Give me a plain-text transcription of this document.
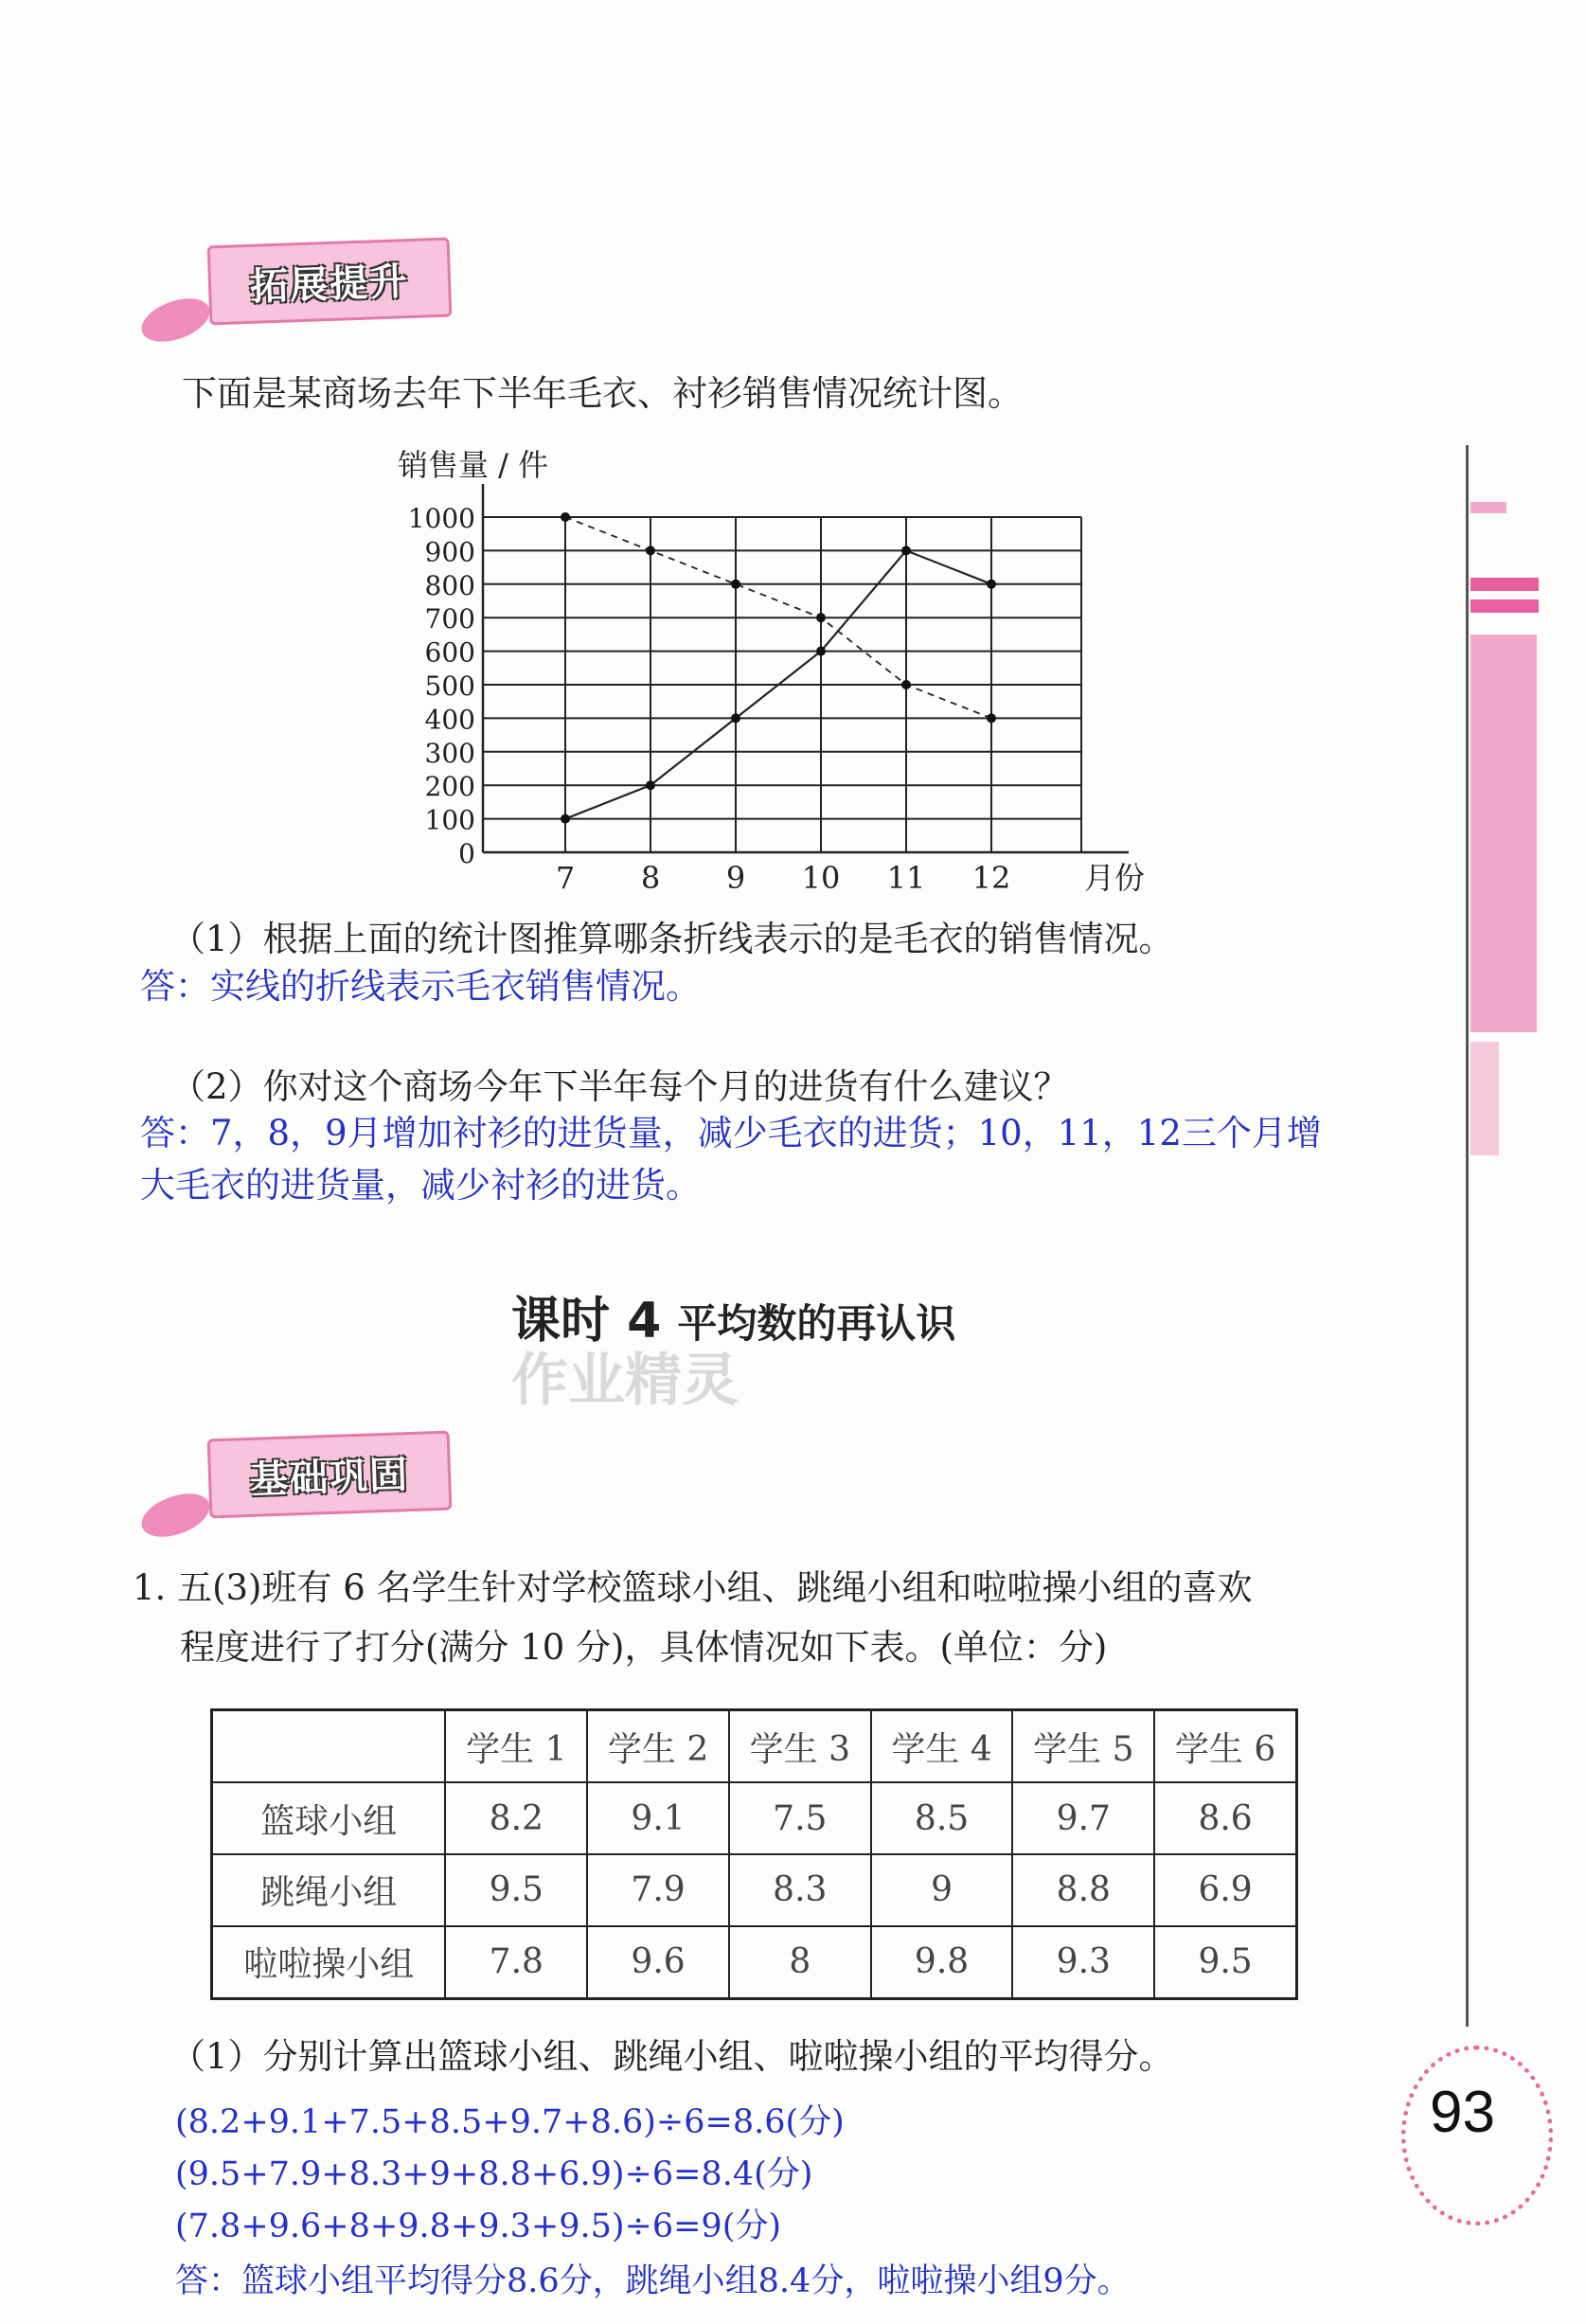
拓展提升
下面是某商场去年下半年毛衣、衬衫销售情况统计图。
销售量 / 件
月份
0
100
200
300
400
500
600
700
800
900
1000
7 8 9 10 11 12
（1）根据上面的统计图推算哪条折线表示的是毛衣的销售情况。
答：实线的折线表示毛衣销售情况。
（2）你对这个商场今年下半年每个月的进货有什么建议？
答：7，8，9月增加衬衫的进货量，减少毛衣的进货；10，11，12三个月增
大毛衣的进货量，减少衬衫的进货。
课时 4 平均数的再认识
作业精灵
基础巩固
1. 五(3)班有 6 名学生针对学校篮球小组、跳绳小组和啦啦操小组的喜欢
程度进行了打分(满分 10 分)，具体情况如下表。(单位：分)
	学生 1	学生 2	学生 3	学生 4	学生 5	学生 6
篮球小组	8.2	9.1	7.5	8.5	9.7	8.6
跳绳小组	9.5	7.9	8.3	9	8.8	6.9
啦啦操小组	7.8	9.6	8	9.8	9.3	9.5
（1）分别计算出篮球小组、跳绳小组、啦啦操小组的平均得分。
(8.2+9.1+7.5+8.5+9.7+8.6)÷6=8.6(分)
(9.5+7.9+8.3+9+8.8+6.9)÷6=8.4(分)
(7.8+9.6+8+9.8+9.3+9.5)÷6=9(分)
答：篮球小组平均得分8.6分，跳绳小组8.4分，啦啦操小组9分。
93
